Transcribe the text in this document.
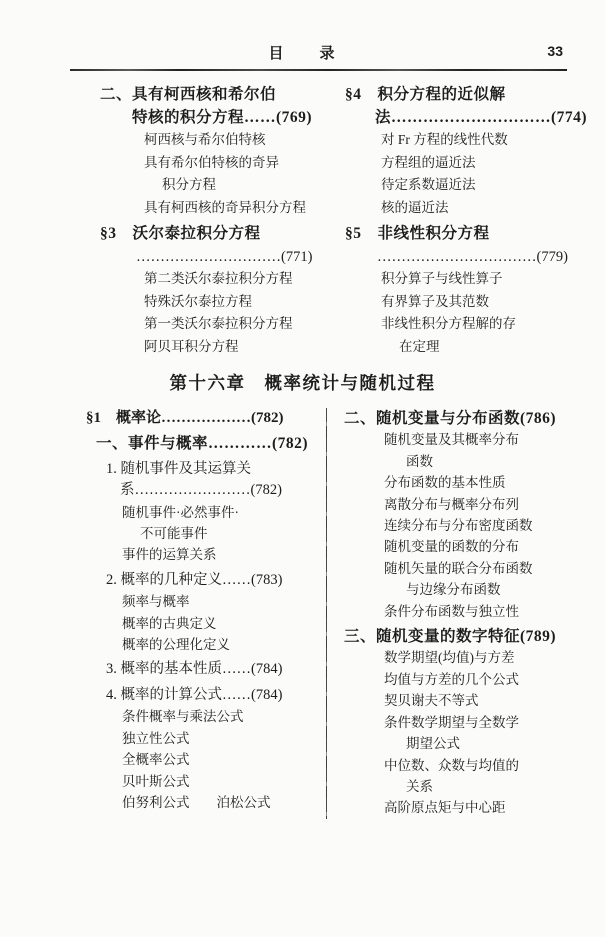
目　　录	33
二、具有柯西核和希尔伯
特核的积分方程……(769)
柯西核与希尔伯特核
具有希尔伯特核的奇异
积分方程
具有柯西核的奇异积分方程
§3　沃尔泰拉积分方程
…………………………(771)
第二类沃尔泰拉积分方程
特殊沃尔泰拉方程
第一类沃尔泰拉积分方程
阿贝耳积分方程
§4　积分方程的近似解
法…………………………(774)
对 Fr 方程的线性代数
方程组的逼近法
待定系数逼近法
核的逼近法
§5　非线性积分方程
……………………………(779)
积分算子与线性算子
有界算子及其范数
非线性积分方程解的存
在定理
第十六章　概率统计与随机过程
§1　概率论………………(782)
一、事件与概率…………(782)
1. 随机事件及其运算关
系……………………(782)
随机事件·必然事件·
不可能事件
事件的运算关系
2. 概率的几种定义……(783)
频率与概率
概率的古典定义
概率的公理化定义
3. 概率的基本性质……(784)
4. 概率的计算公式……(784)
条件概率与乘法公式
独立性公式
全概率公式
贝叶斯公式
伯努利公式　　泊松公式
二、随机变量与分布函数(786)
随机变量及其概率分布
函数
分布函数的基本性质
离散分布与概率分布列
连续分布与分布密度函数
随机变量的函数的分布
随机矢量的联合分布函数
与边缘分布函数
条件分布函数与独立性
三、随机变量的数字特征(789)
数学期望(均值)与方差
均值与方差的几个公式
契贝谢夫不等式
条件数学期望与全数学
期望公式
中位数、众数与均值的
关系
高阶原点矩与中心距
